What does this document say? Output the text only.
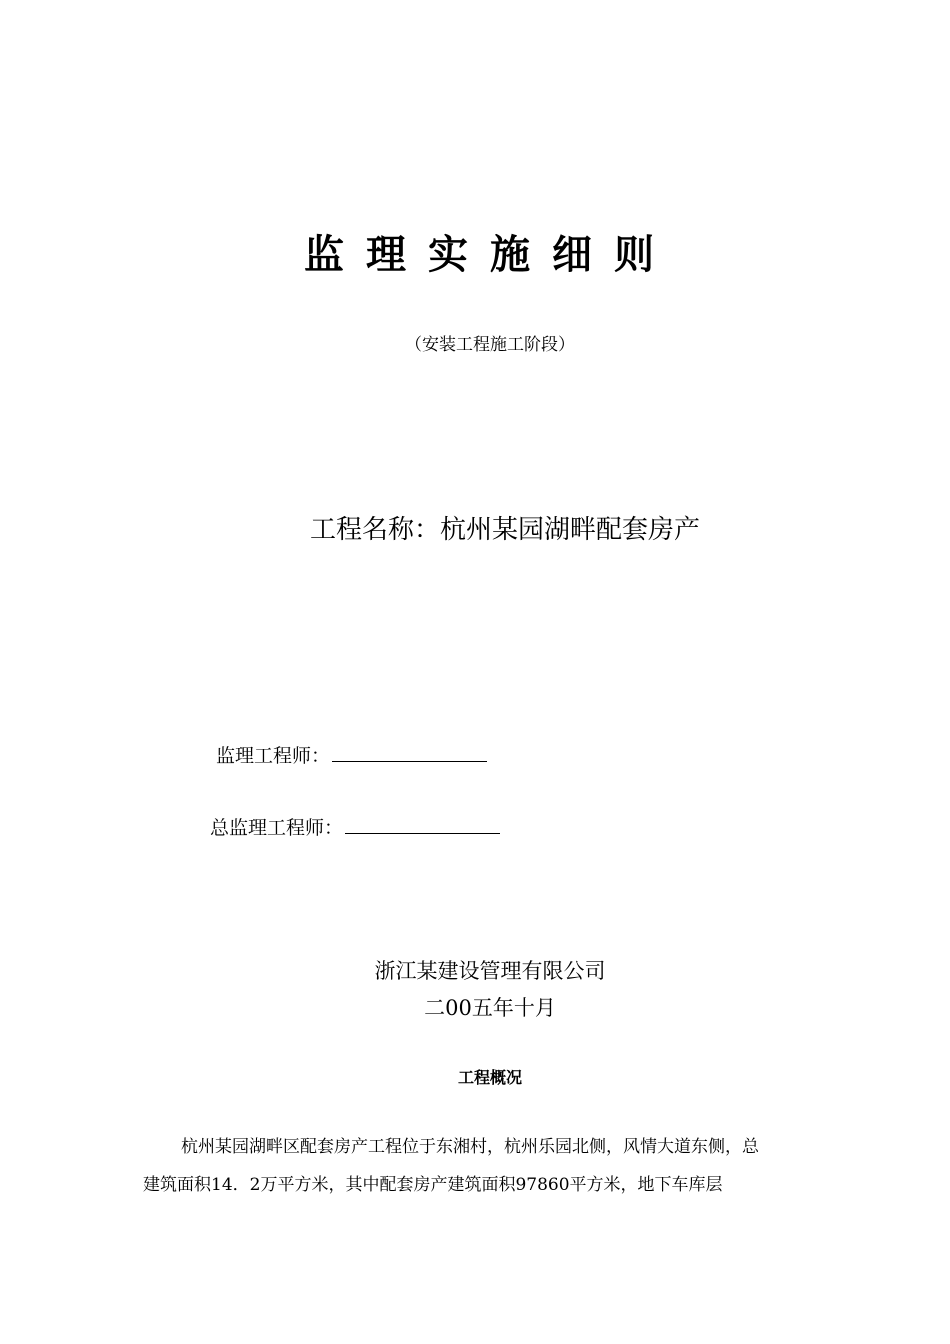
监理实施细则
（安装工程施工阶段）
工程名称：杭州某园湖畔配套房产
监理工程师：
总监理工程师：
浙江某建设管理有限公司
二00五年十月
工程概况
杭州某园湖畔区配套房产工程位于东湘村，杭州乐园北侧，风情大道东侧，总
建筑面积14．2万平方米，其中配套房产建筑面积97860平方米，地下车库层
